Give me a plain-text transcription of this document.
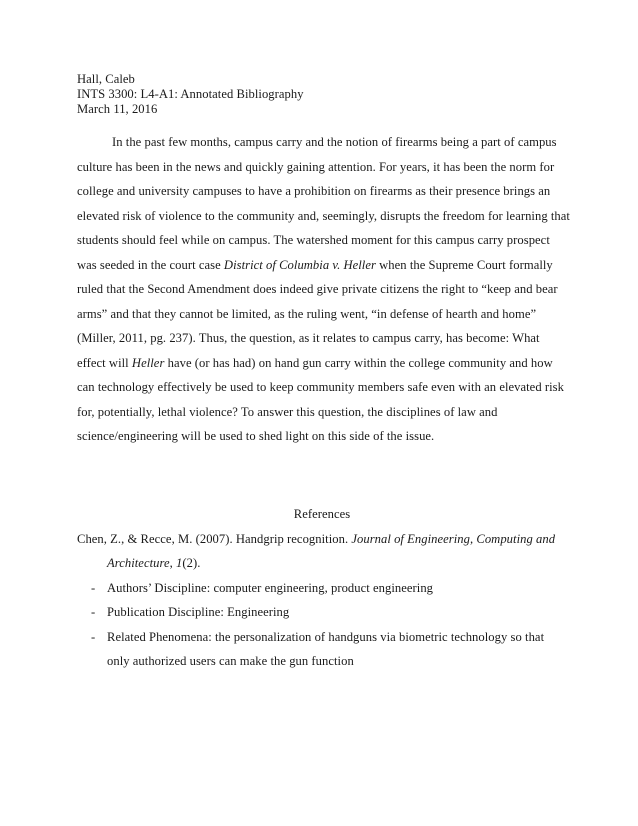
Hall, Caleb
INTS 3300: L4-A1: Annotated Bibliography
March 11, 2016
In the past few months, campus carry and the notion of firearms being a part of campus
culture has been in the news and quickly gaining attention. For years, it has been the norm for
college and university campuses to have a prohibition on firearms as their presence brings an
elevated risk of violence to the community and, seemingly, disrupts the freedom for learning that
students should feel while on campus. The watershed moment for this campus carry prospect
was seeded in the court case District of Columbia v. Heller when the Supreme Court formally
ruled that the Second Amendment does indeed give private citizens the right to “keep and bear
arms” and that they cannot be limited, as the ruling went, “in defense of hearth and home”
(Miller, 2011, pg. 237). Thus, the question, as it relates to campus carry, has become: What
effect will Heller have (or has had) on hand gun carry within the college community and how
can technology effectively be used to keep community members safe even with an elevated risk
for, potentially, lethal violence? To answer this question, the disciplines of law and
science/engineering will be used to shed light on this side of the issue.
References
Chen, Z., & Recce, M. (2007). Handgrip recognition. Journal of Engineering, Computing and
Architecture, 1(2).
- Authors’ Discipline: computer engineering, product engineering
- Publication Discipline: Engineering
- Related Phenomena: the personalization of handguns via biometric technology so that
only authorized users can make the gun function
